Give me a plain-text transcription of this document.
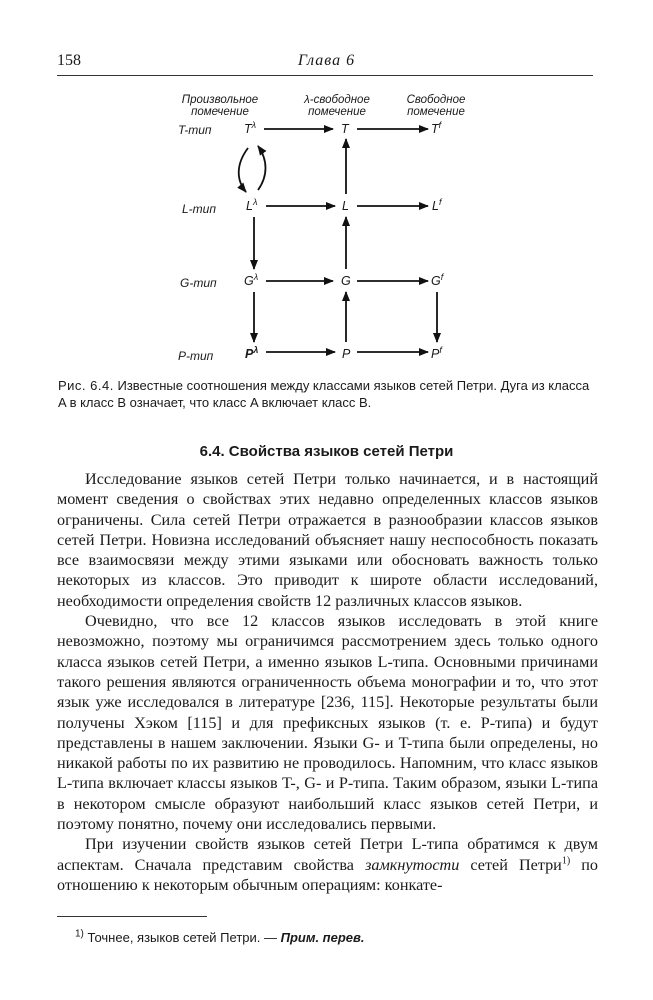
158	Глава 6
Произвольное
помечение
λ-свободное
помечение
Свободное
помечение
T-тип
L-тип
G-тип
P-тип
$T^\lambda$	T	$T^f$
$L^\lambda$	L	$L^f$
$G^\lambda$	G	$G^f$
$P^\lambda$	P	$P^f$
Рис. 6.4. Известные соотношения между классами языков сетей Петри. Дуга из класса A в класс B означает, что класс A включает класс B.
6.4. Свойства языков сетей Петри

Исследование языков сетей Петри только начинается, и в настоящий момент сведения о свойствах этих недавно определенных классов языков ограничены. Сила сетей Петри отражается в разнообразии классов языков сетей Петри. Новизна исследований объясняет нашу неспособность показать все взаимосвязи между этими языками или обосновать важность только некоторых из классов. Это приводит к широте области исследований, необходимости определения свойств 12 различных классов языков.

Очевидно, что все 12 классов языков исследовать в этой книге невозможно, поэтому мы ограничимся рассмотрением здесь только одного класса языков сетей Петри, а именно языков L-типа. Основными причинами такого решения являются ограниченность объема монографии и то, что этот язык уже исследовался в литературе [236, 115]. Некоторые результаты были получены Хэком [115] и для префиксных языков (т. е. P-типа) и будут представлены в нашем заключении. Языки G- и T-типа были определены, но никакой работы по их развитию не проводилось. Напомним, что класс языков L-типа включает классы языков T-, G- и P-типа. Таким образом, языки L-типа в некотором смысле образуют наибольший класс языков сетей Петри, и поэтому понятно, почему они исследовались первыми.

При изучении свойств языков сетей Петри L-типа обратимся к двум аспектам. Сначала представим свойства замкнутости сетей Петри$^{1)}$ по отношению к некоторым обычным операциям: конкате-

$^{1)}$ Точнее, языков сетей Петри. — Прим. перев.
